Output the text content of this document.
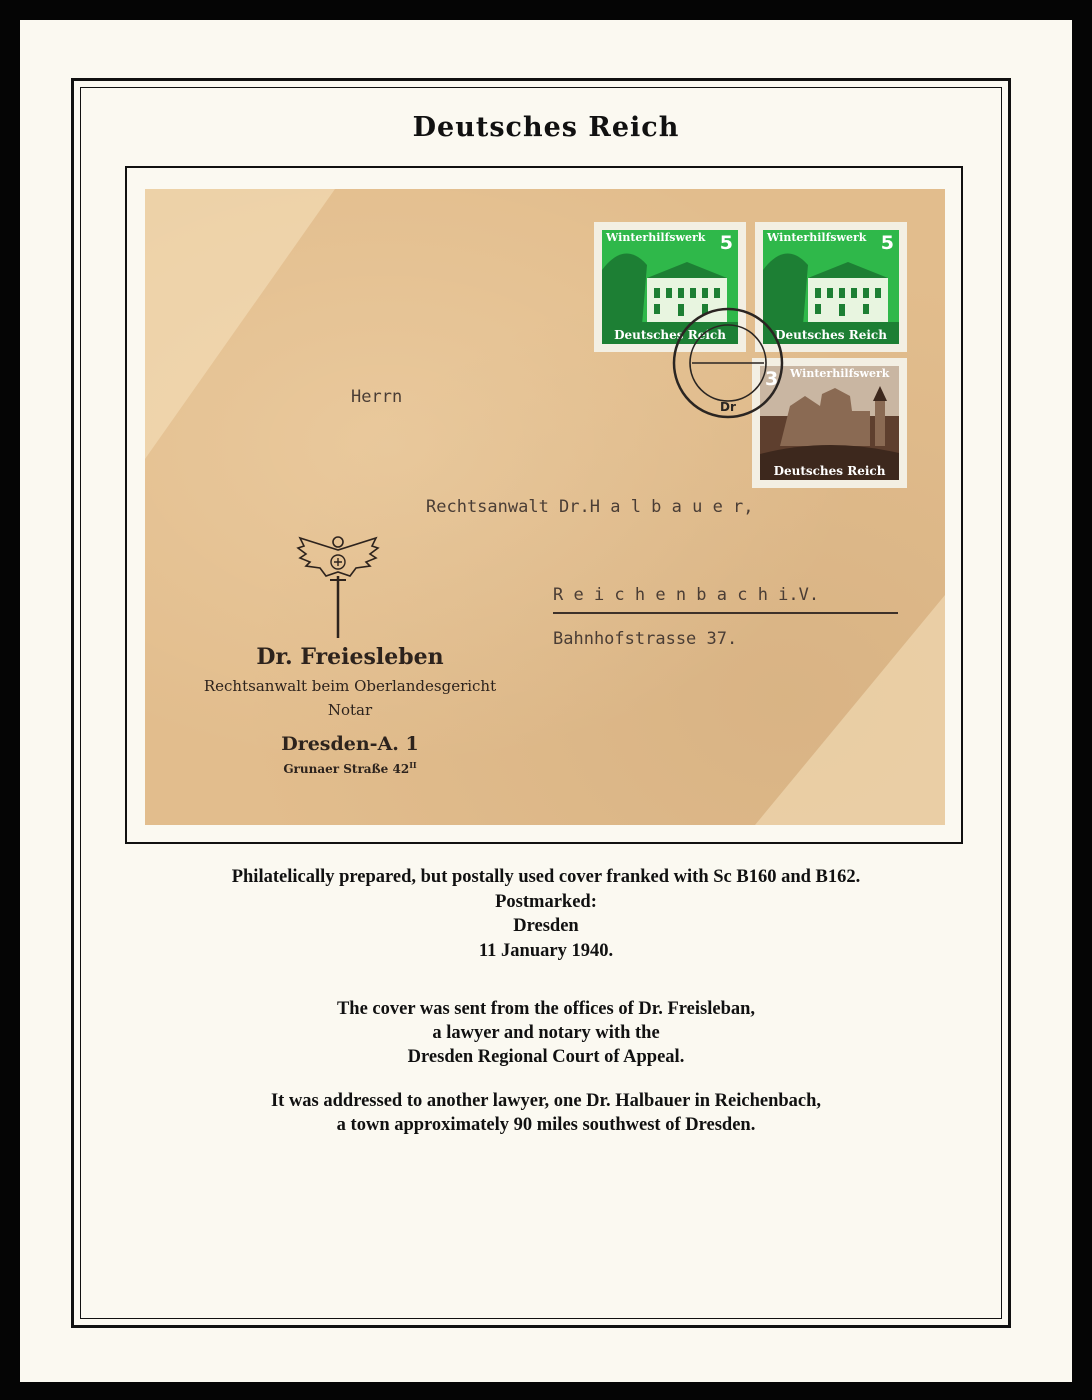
Deutsches Reich
Winterhilfswerk 5
Deutsches Reich
Winterhilfswerk 5
Deutsches Reich
3 Winterhilfswerk
Deutsches Reich
Dr
Herrn
Rechtsanwalt Dr.H a l b a u e r,
R e i c h e n b a c h i.V.
Bahnhofstrasse 37.
Dr. Freiesleben
Rechtsanwalt beim Oberlandesgericht
Notar
Dresden-A. 1
Grunaer Straße $42^{II}$
Philatelically prepared, but postally used cover franked with Sc B160 and B162.
Postmarked:
Dresden
11 January 1940.
The cover was sent from the offices of Dr. Freisleban,
a lawyer and notary with the
Dresden Regional Court of Appeal.
It was addressed to another lawyer, one Dr. Halbauer in Reichenbach,
a town approximately 90 miles southwest of Dresden.
